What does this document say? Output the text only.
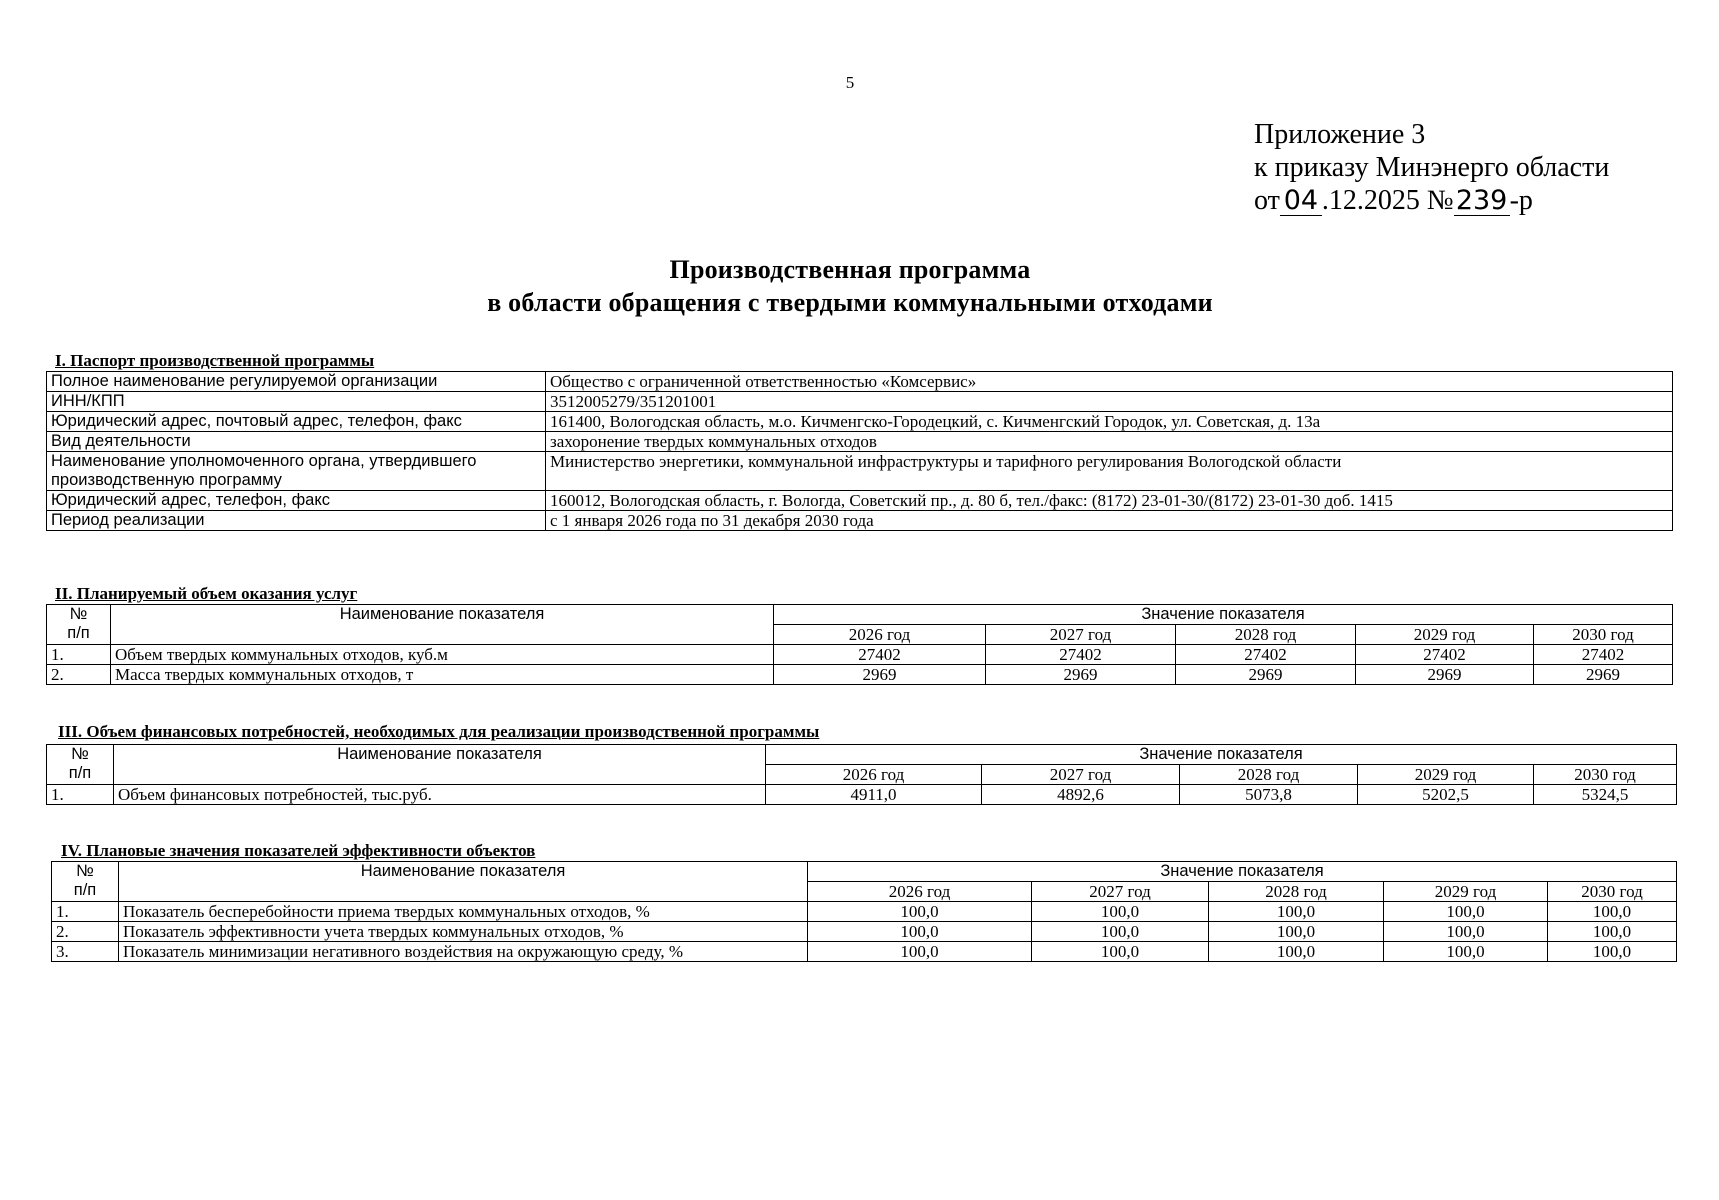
5
Приложение 3
к приказу Минэнерго области
от 04 .12.2025 №239-р
Производственная программа
в области обращения с твердыми коммунальными отходами
I. Паспорт производственной программы
Полное наименование регулируемой организации	Общество с ограниченной ответственностью «Комсервис»
ИНН/КПП	3512005279/351201001
Юридический адрес, почтовый адрес, телефон, факс	161400, Вологодская область, м.о. Кичменгско-Городецкий, с. Кичменгский Городок, ул. Советская, д. 13а
Вид деятельности	захоронение твердых коммунальных отходов
Наименование уполномоченного органа, утвердившего производственную программу	Министерство энергетики, коммунальной инфраструктуры и тарифного регулирования Вологодской области
Юридический адрес, телефон, факс	160012, Вологодская область, г. Вологда, Советский пр., д. 80 б, тел./факс: (8172) 23-01-30/(8172) 23-01-30 доб. 1415
Период реализации	с 1 января 2026 года по 31 декабря 2030 года
II. Планируемый объем оказания услуг
№
п/п	Наименование показателя	Значение показателя				
		2026 год	2027 год	2028 год	2029 год	2030 год
1.	Объем твердых коммунальных отходов, куб.м	27402	27402	27402	27402	27402
2.	Масса твердых коммунальных отходов, т	2969	2969	2969	2969	2969
III. Объем финансовых потребностей, необходимых для реализации производственной программы
№
п/п	Наименование показателя	Значение показателя				
		2026 год	2027 год	2028 год	2029 год	2030 год
1.	Объем финансовых потребностей, тыс.руб.	4911,0	4892,6	5073,8	5202,5	5324,5
IV. Плановые значения показателей эффективности объектов
№
п/п	Наименование показателя	Значение показателя				
		2026 год	2027 год	2028 год	2029 год	2030 год
1.	Показатель бесперебойности приема твердых коммунальных отходов, %	100,0	100,0	100,0	100,0	100,0
2.	Показатель эффективности учета твердых коммунальных отходов, %	100,0	100,0	100,0	100,0	100,0
3.	Показатель минимизации негативного воздействия на окружающую среду, %	100,0	100,0	100,0	100,0	100,0
